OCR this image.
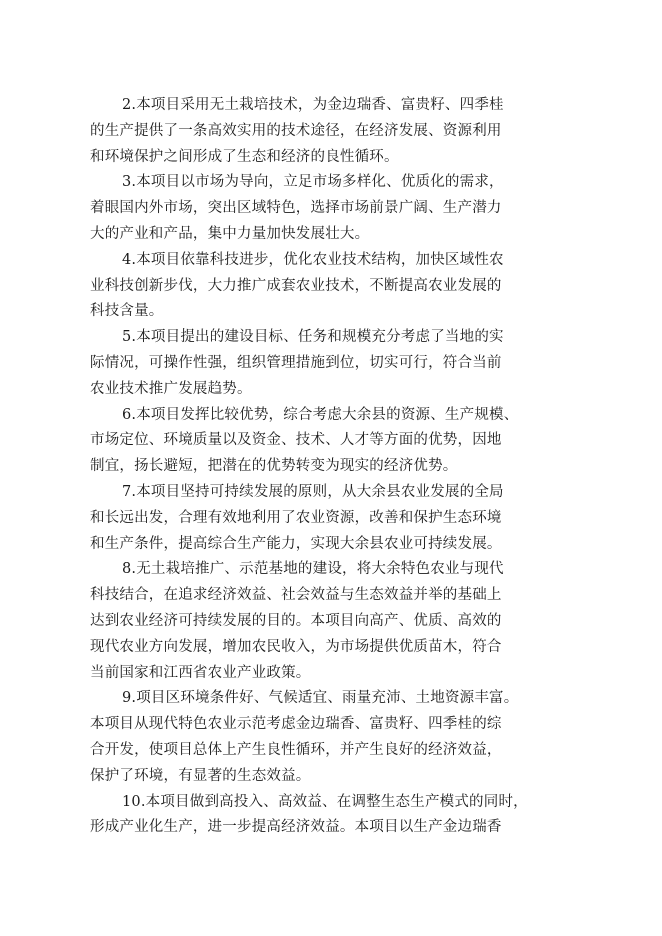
2.本项目采用无土栽培技术，为金边瑞香、富贵籽、四季桂
的生产提供了一条高效实用的技术途径，在经济发展、资源利用
和环境保护之间形成了生态和经济的良性循环。

3.本项目以市场为导向，立足市场多样化、优质化的需求，
着眼国内外市场，突出区域特色，选择市场前景广阔、生产潜力
大的产业和产品，集中力量加快发展壮大。

4.本项目依靠科技进步，优化农业技术结构，加快区域性农
业科技创新步伐，大力推广成套农业技术，不断提高农业发展的
科技含量。

5.本项目提出的建设目标、任务和规模充分考虑了当地的实
际情况，可操作性强，组织管理措施到位，切实可行，符合当前
农业技术推广发展趋势。

6.本项目发挥比较优势，综合考虑大余县的资源、生产规模、
市场定位、环境质量以及资金、技术、人才等方面的优势，因地
制宜，扬长避短，把潜在的优势转变为现实的经济优势。

7.本项目坚持可持续发展的原则，从大余县农业发展的全局
和长远出发，合理有效地利用了农业资源，改善和保护生态环境
和生产条件，提高综合生产能力，实现大余县农业可持续发展。

8.无土栽培推广、示范基地的建设，将大余特色农业与现代
科技结合，在追求经济效益、社会效益与生态效益并举的基础上
达到农业经济可持续发展的目的。本项目向高产、优质、高效的
现代农业方向发展，增加农民收入，为市场提供优质苗木，符合
当前国家和江西省农业产业政策。

9.项目区环境条件好、气候适宜、雨量充沛、土地资源丰富。
本项目从现代特色农业示范考虑金边瑞香、富贵籽、四季桂的综
合开发，使项目总体上产生良性循环，并产生良好的经济效益，
保护了环境，有显著的生态效益。

10.本项目做到高投入、高效益、在调整生态生产模式的同时，
形成产业化生产，进一步提高经济效益。本项目以生产金边瑞香
